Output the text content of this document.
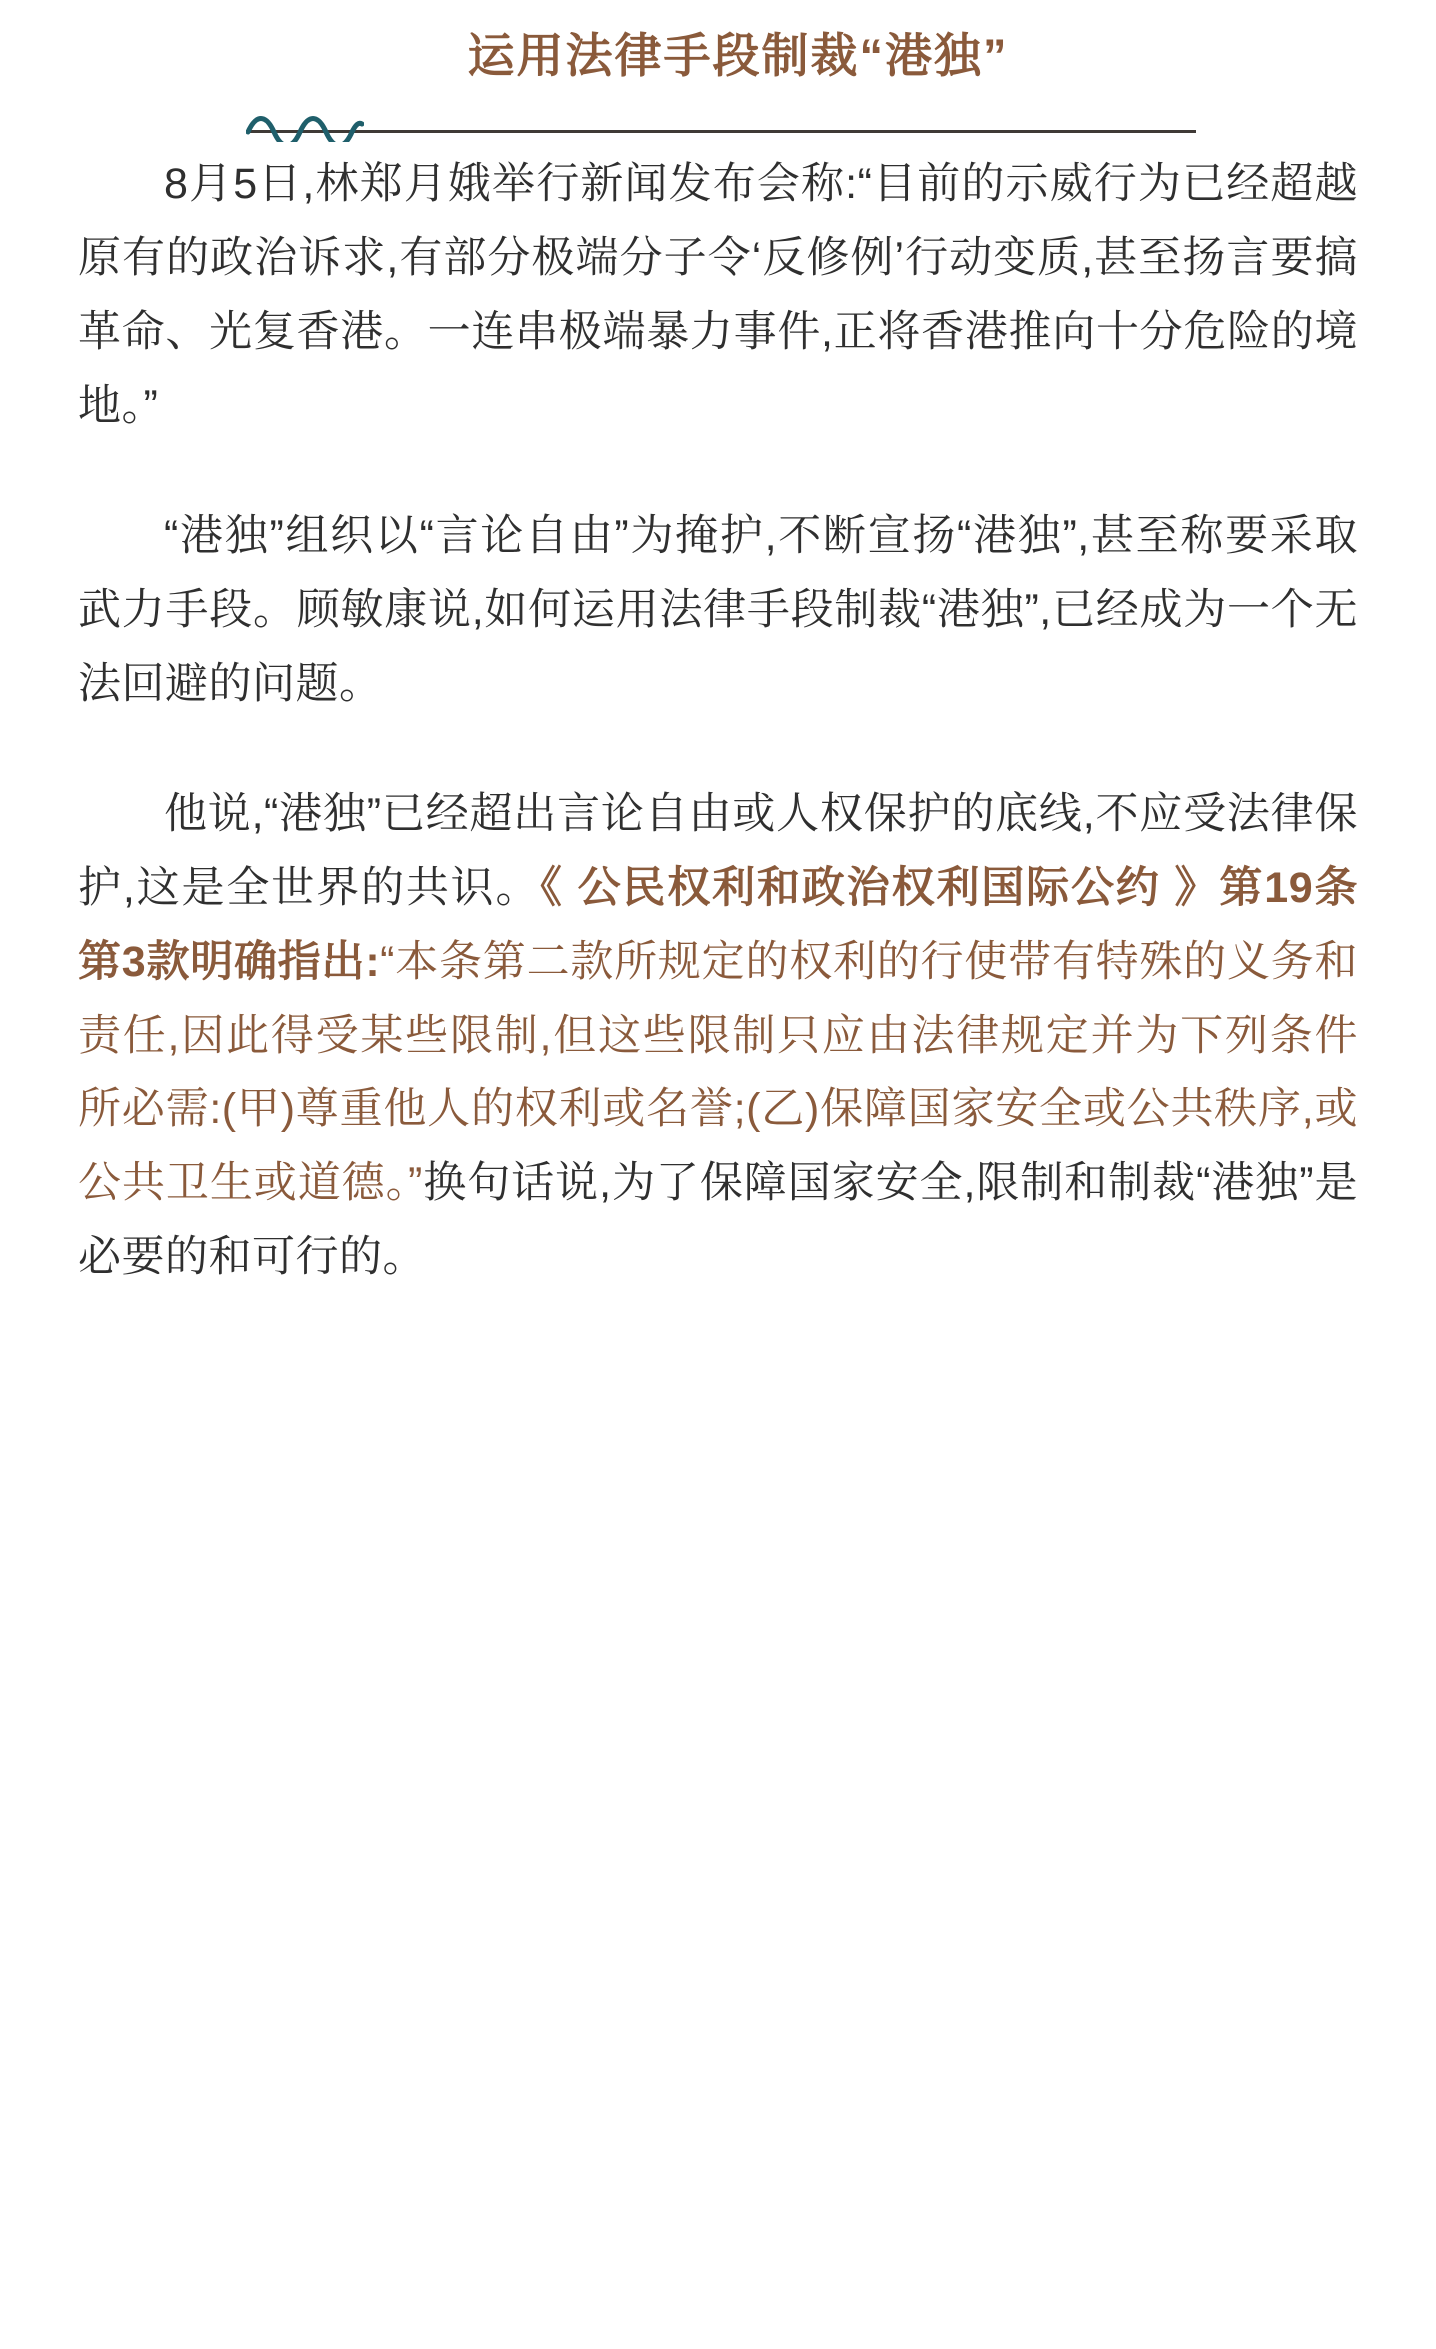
运用法律手段制裁“港独”

8月5日,林郑月娥举行新闻发布会称:“目前的示威行为已经超越原有的政治诉求,有部分极端分子令‘反修例’行动变质,甚至扬言要搞革命、光复香港。一连串极端暴力事件,正将香港推向十分危险的境地。”

“港独”组织以“言论自由”为掩护,不断宣扬“港独”,甚至称要采取武力手段。顾敏康说,如何运用法律手段制裁“港独”,已经成为一个无法回避的问题。

他说,“港独”已经超出言论自由或人权保护的底线,不应受法律保护,这是全世界的共识。《 公民权利和政治权利国际公约 》第19条第3款明确指出:“本条第二款所规定的权利的行使带有特殊的义务和责任,因此得受某些限制,但这些限制只应由法律规定并为下列条件所必需:(甲)尊重他人的权利或名誉;(乙)保障国家安全或公共秩序,或公共卫生或道德。”换句话说,为了保障国家安全,限制和制裁“港独”是必要的和可行的。
